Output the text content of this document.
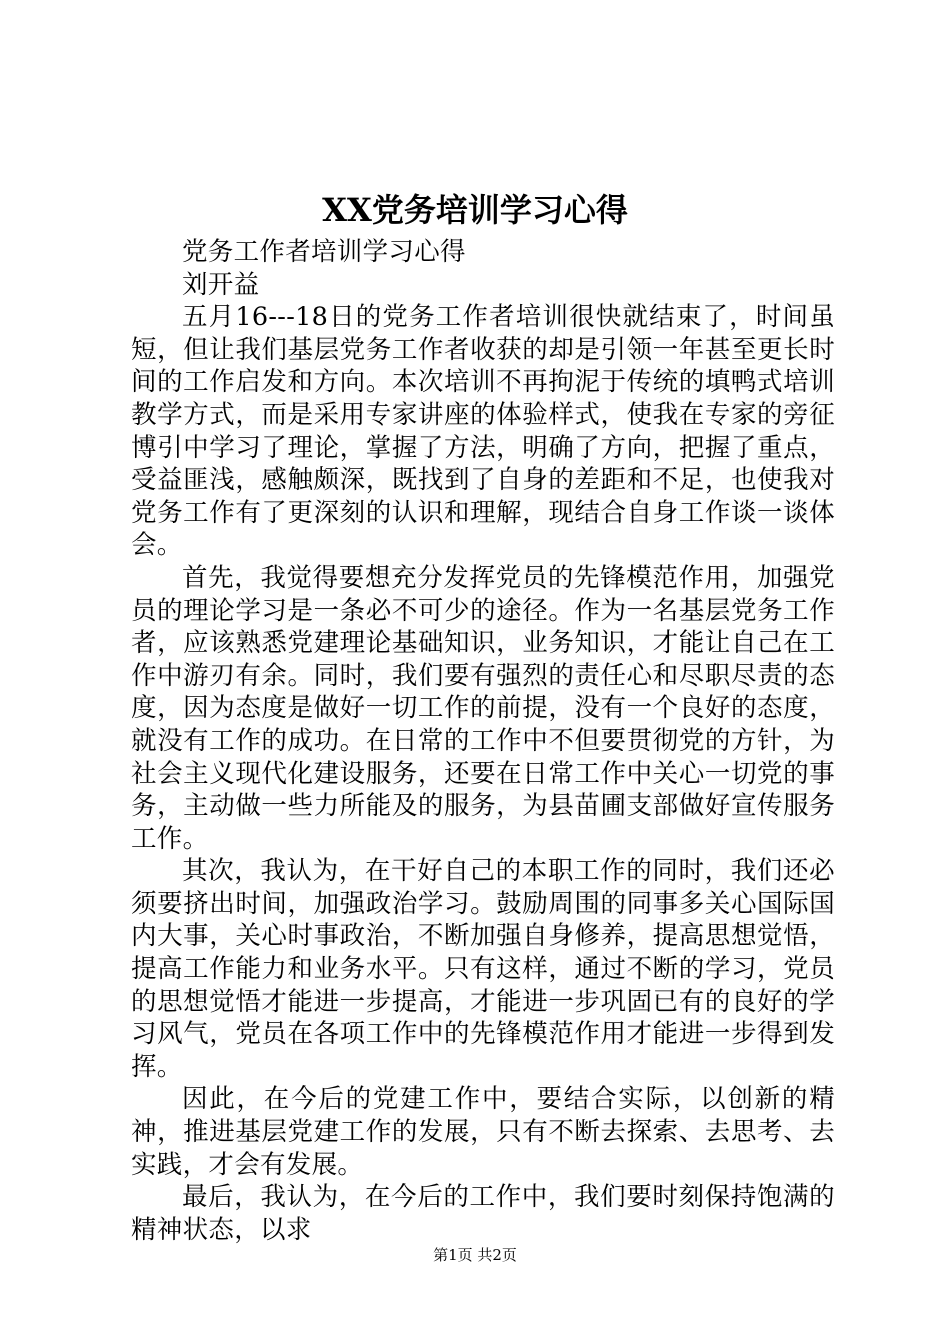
XX党务培训学习心得

党务工作者培训学习心得

刘开益

五月16---18日的党务工作者培训很快就结束了，时间虽短，但让我们基层党务工作者收获的却是引领一年甚至更长时间的工作启发和方向。本次培训不再拘泥于传统的填鸭式培训教学方式，而是采用专家讲座的体验样式，使我在专家的旁征博引中学习了理论，掌握了方法，明确了方向，把握了重点，受益匪浅，感触颇深，既找到了自身的差距和不足，也使我对党务工作有了更深刻的认识和理解，现结合自身工作谈一谈体会。

首先，我觉得要想充分发挥党员的先锋模范作用，加强党员的理论学习是一条必不可少的途径。作为一名基层党务工作者，应该熟悉党建理论基础知识，业务知识，才能让自己在工作中游刃有余。同时，我们要有强烈的责任心和尽职尽责的态度，因为态度是做好一切工作的前提，没有一个良好的态度，就没有工作的成功。在日常的工作中不但要贯彻党的方针，为社会主义现代化建设服务，还要在日常工作中关心一切党的事务，主动做一些力所能及的服务，为县苗圃支部做好宣传服务工作。

其次，我认为，在干好自己的本职工作的同时，我们还必须要挤出时间，加强政治学习。鼓励周围的同事多关心国际国内大事，关心时事政治，不断加强自身修养，提高思想觉悟，提高工作能力和业务水平。只有这样，通过不断的学习，党员的思想觉悟才能进一步提高，才能进一步巩固已有的良好的学习风气，党员在各项工作中的先锋模范作用才能进一步得到发挥。

因此，在今后的党建工作中，要结合实际，以创新的精神，推进基层党建工作的发展，只有不断去探索、去思考、去实践，才会有发展。

最后，我认为，在今后的工作中，我们要时刻保持饱满的精神状态，以求

第1页 共2页
